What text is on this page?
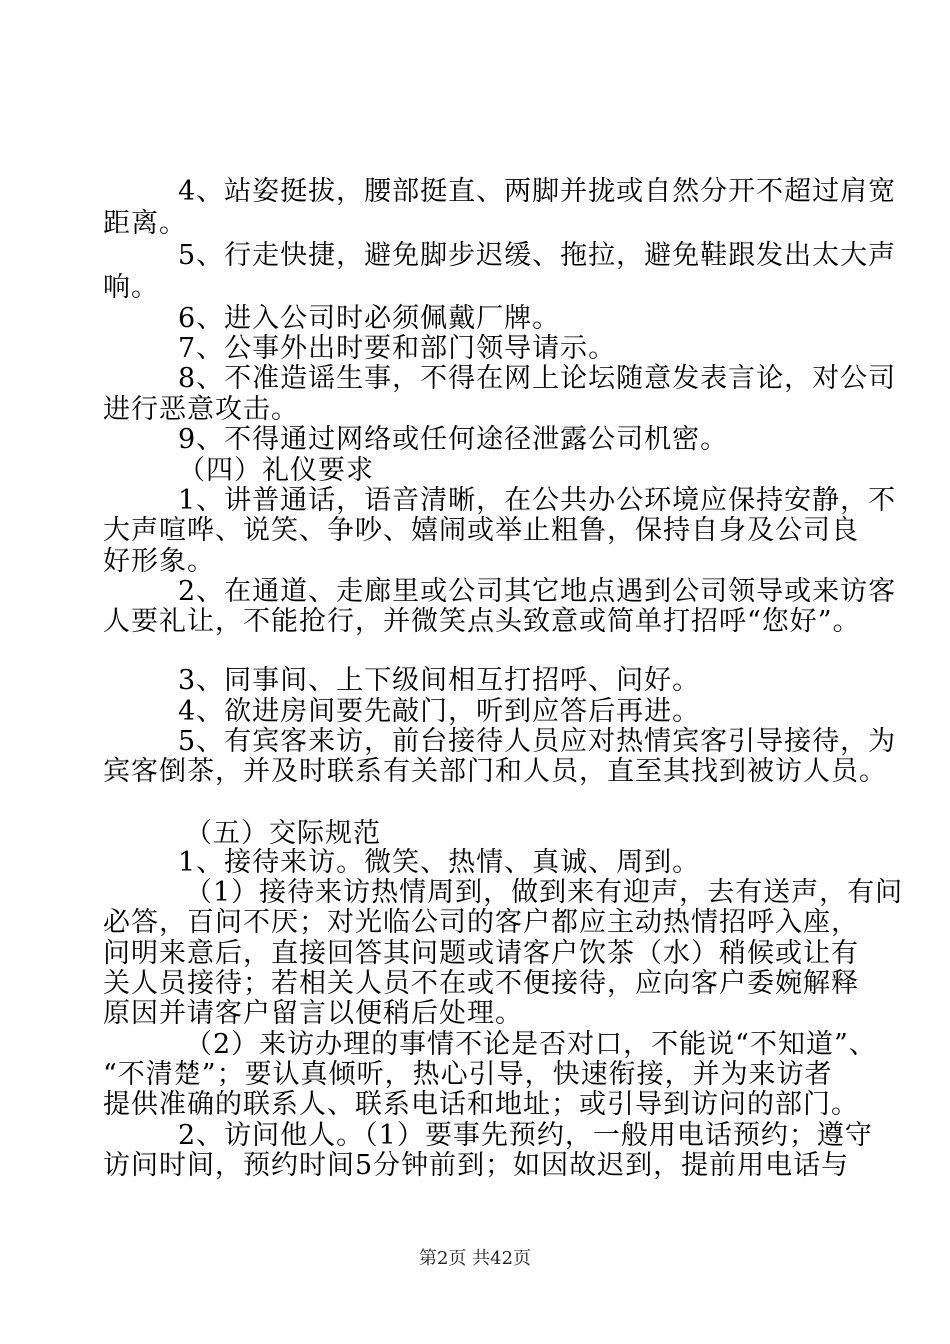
4、站姿挺拔，腰部挺直、两脚并拢或自然分开不超过肩宽
距离。
5、行走快捷，避免脚步迟缓、拖拉，避免鞋跟发出太大声
响。
6、进入公司时必须佩戴厂牌。
7、公事外出时要和部门领导请示。
8、不准造谣生事，不得在网上论坛随意发表言论，对公司
进行恶意攻击。
9、不得通过网络或任何途径泄露公司机密。
（四）礼仪要求
1、讲普通话，语音清晰，在公共办公环境应保持安静，不
大声喧哗、说笑、争吵、嬉闹或举止粗鲁，保持自身及公司良
好形象。
2、在通道、走廊里或公司其它地点遇到公司领导或来访客
人要礼让，不能抢行，并微笑点头致意或简单打招呼“您好”。
3、同事间、上下级间相互打招呼、问好。
4、欲进房间要先敲门，听到应答后再进。
5、有宾客来访，前台接待人员应对热情宾客引导接待，为
宾客倒茶，并及时联系有关部门和人员，直至其找到被访人员。
（五）交际规范
1、接待来访。微笑、热情、真诚、周到。
（1）接待来访热情周到，做到来有迎声，去有送声，有问
必答，百问不厌；对光临公司的客户都应主动热情招呼入座，
问明来意后，直接回答其问题或请客户饮茶（水）稍候或让有
关人员接待；若相关人员不在或不便接待，应向客户委婉解释
原因并请客户留言以便稍后处理。
（2）来访办理的事情不论是否对口，不能说“不知道”、
“不清楚”；要认真倾听，热心引导，快速衔接，并为来访者
提供准确的联系人、联系电话和地址；或引导到访问的部门。
2、访问他人。（1）要事先预约，一般用电话预约；遵守
访问时间，预约时间5分钟前到；如因故迟到，提前用电话与
第2页 共42页
